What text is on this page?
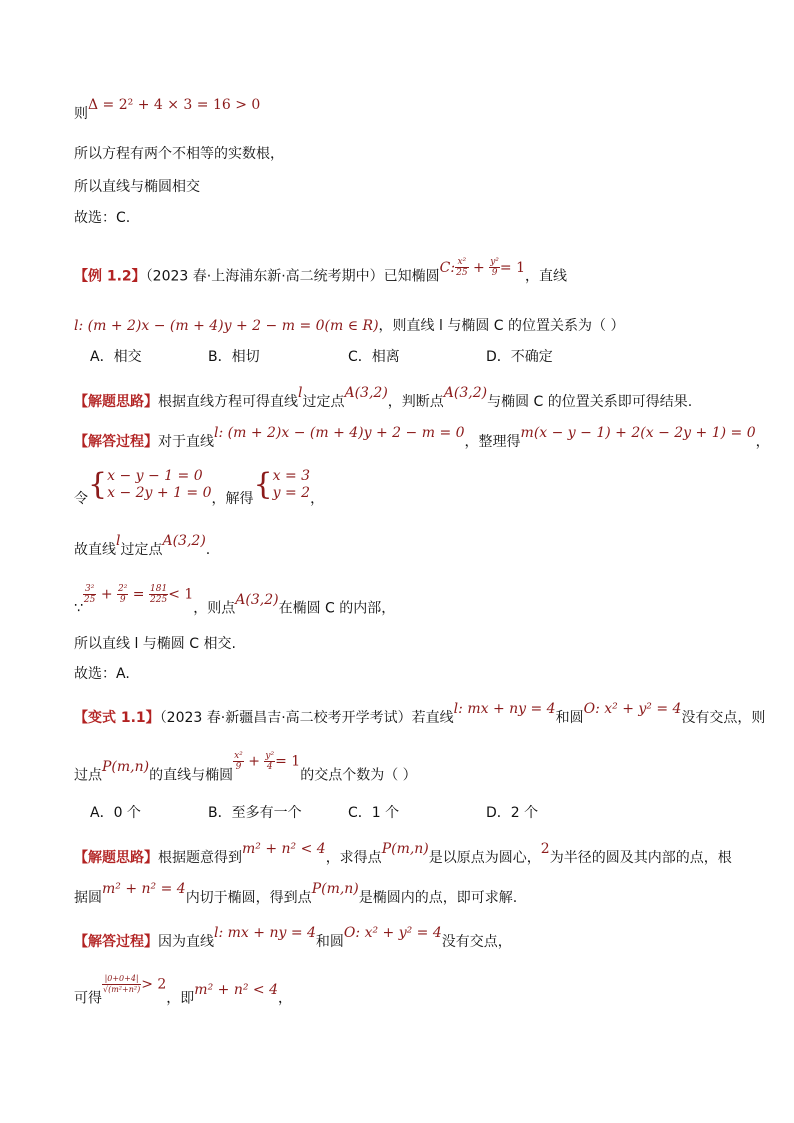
则Δ = 2² + 4 × 3 = 16 > 0
所以方程有两个不相等的实数根，
所以直线与椭圆相交
故选：C.
【例 1.2】（2023 春·上海浦东新·高二统考期中）已知椭圆C: $\frac{\text{x²}}{25} + \frac{\text{y²}}{9} = 1$，直线
l: (m + 2)x − (m + 4)y + 2 − m = 0(m ∈ R)，则直线 l 与椭圆 C 的位置关系为（ ）
A．相交	B．相切	C．相离	D．不确定
【解题思路】根据直线方程可得直线l过定点A(3,2)，判断点A(3,2)与椭圆 C 的位置关系即可得结果.
【解答过程】对于直线l: (m + 2)x − (m + 4)y + 2 − m = 0，整理得m(x − y − 1) + 2(x − 2y + 1) = 0，
令{ x − y − 1 = 0
x − 2y + 1 = 0 ，解得{ x = 3
y = 2 ，
故直线l过定点A(3,2).
∵
$\frac{\text{3²}}{25} + \frac{\text{2²}}{9} = \frac{181}{225} < 1$，则点A(3,2)在椭圆 C 的内部，
所以直线 l 与椭圆 C 相交.
故选：A.
【变式 1.1】（2023 春·新疆昌吉·高二校考开学考试）若直线l: mx + ny = 4和圆O: x² + y² = 4没有交点，则
过点P(m,n)的直线与椭圆
$\frac{\text{x²}}{9} + \frac{\text{y²}}{4} = 1$的交点个数为（ ）
A．0 个	B．至多有一个	C．1 个	D．2 个
【解题思路】根据题意得到m² + n² < 4，求得点P(m,n)是以原点为圆心，2为半径的圆及其内部的点，根
据圆m² + n² = 4内切于椭圆，得到点P(m,n)是椭圆内的点，即可求解.
【解答过程】因为直线l: mx + ny = 4和圆O: x² + y² = 4没有交点，
可得
$\frac{|0+0+4|}{\text{√(m²+n²)}} > 2$，即m² + n² < 4，
